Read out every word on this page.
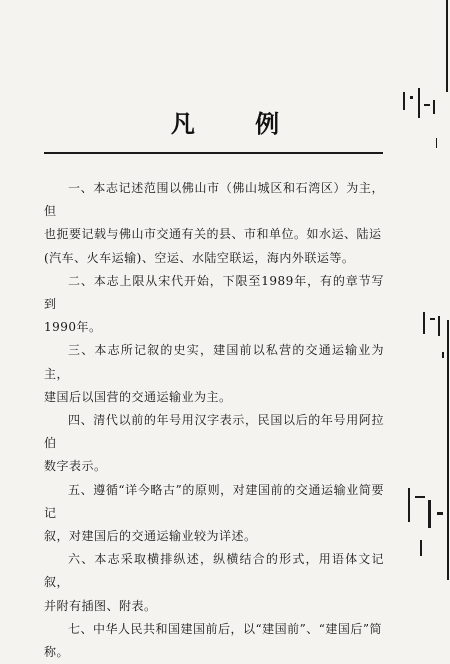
凡 例

一、本志记述范围以佛山市（佛山城区和石湾区）为主，但
也扼要记载与佛山市交通有关的县、市和单位。如水运、陆运
(汽车、火车运输)、空运、水陆空联运，海内外联运等。

二、本志上限从宋代开始，下限至1989年，有的章节写到
1990年。

三、本志所记叙的史实，建国前以私营的交通运输业为主，
建国后以国营的交通运输业为主。

四、清代以前的年号用汉字表示，民国以后的年号用阿拉伯
数字表示。

五、遵循“详今略古”的原则，对建国前的交通运输业简要记
叙，对建国后的交通运输业较为详述。

六、本志采取横排纵述，纵横结合的形式，用语体文记叙，
并附有插图、附表。

七、中华人民共和国建国前后，以“建国前”、“建国后”简
称。
